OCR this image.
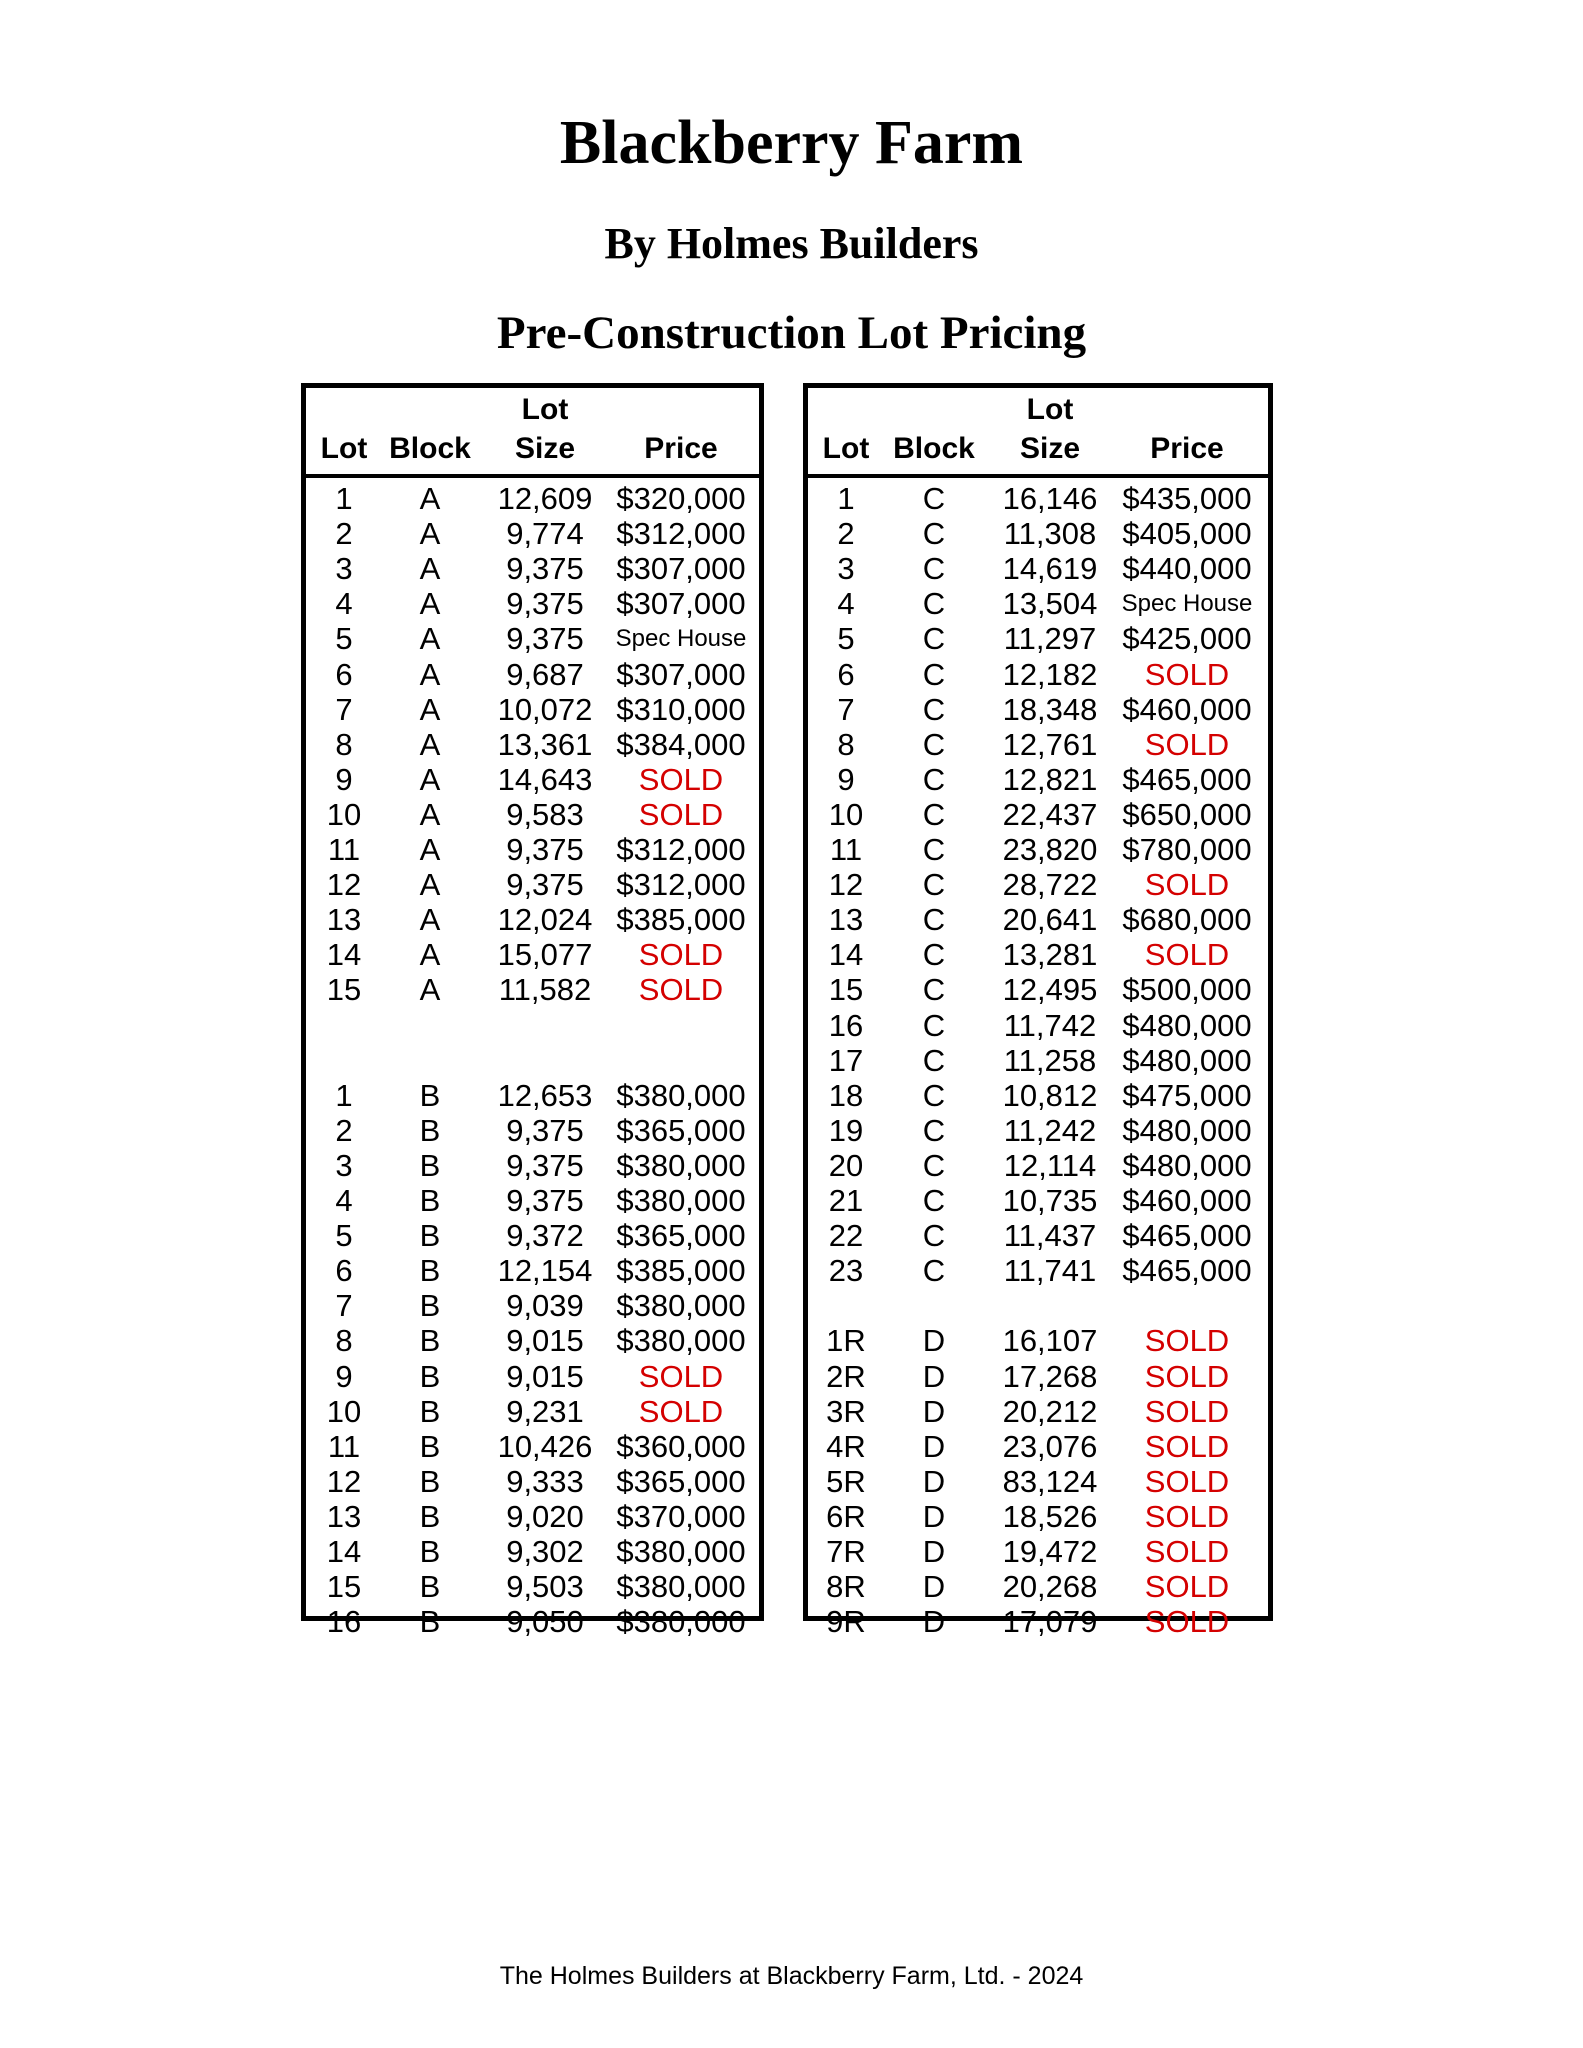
Blackberry Farm
By Holmes Builders
Pre-Construction Lot Pricing
Lot Block
Lot
Size	Price
1	A	12,609 $320,000
2	A	9,774	$312,000
3	A	9,375	$307,000
4	A	9,375	$307,000
5	A	9,375	Spec House
6	A	9,687	$307,000
7	A	10,072 $310,000
8	A	13,361 $384,000
9	A	14,643	SOLD
10	A	9,583	SOLD
11	A	9,375	$312,000
12	A	9,375	$312,000
13	A	12,024 $385,000
14	A	15,077	SOLD
15	A	11,582	SOLD
1	B	12,653 $380,000
2	B	9,375	$365,000
3	B	9,375	$380,000
4	B	9,375	$380,000
5	B	9,372	$365,000
6	B	12,154 $385,000
7	B	9,039	$380,000
8	B	9,015	$380,000
9	B	9,015	SOLD
10	B	9,231	SOLD
11	B	10,426 $360,000
12	B	9,333	$365,000
13	B	9,020	$370,000
14	B	9,302	$380,000
15	B	9,503	$380,000
16	B	9,050	$380,000
Lot Block
Lot
Size	Price
1	C	16,146 $435,000
2	C	11,308 $405,000
3	C	14,619 $440,000
4	C	13,504	Spec House
5	C	11,297 $425,000
6	C	12,182	SOLD
7	C	18,348 $460,000
8	C	12,761	SOLD
9	C	12,821 $465,000
10	C	22,437 $650,000
11	C	23,820 $780,000
12	C	28,722	SOLD
13	C	20,641 $680,000
14	C	13,281	SOLD
15	C	12,495 $500,000
16	C	11,742 $480,000
17	C	11,258 $480,000
18	C	10,812 $475,000
19	C	11,242 $480,000
20	C	12,114 $480,000
21	C	10,735 $460,000
22	C	11,437 $465,000
23	C	11,741 $465,000
1R	D	16,107	SOLD
2R	D	17,268	SOLD
3R	D	20,212	SOLD
4R	D	23,076	SOLD
5R	D	83,124	SOLD
6R	D	18,526	SOLD
7R	D	19,472	SOLD
8R	D	20,268	SOLD
9R	D	17,079	SOLD
The Holmes Builders at Blackberry Farm, Ltd. - 2024
